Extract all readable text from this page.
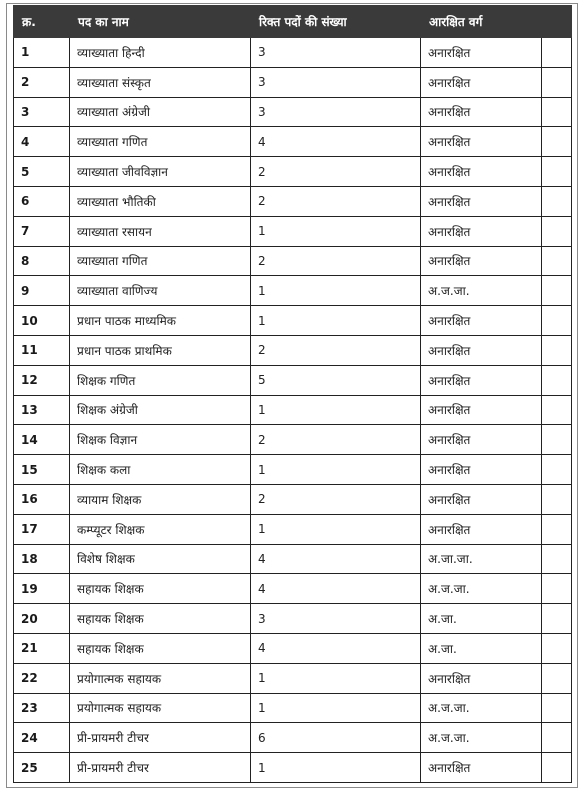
क्र.	पद का नाम	रिक्त पदों की संख्या	आरक्षित वर्ग	
1	व्याख्याता हिन्दी	3	अनारक्षित	
2	व्याख्याता संस्कृत	3	अनारक्षित	
3	व्याख्याता अंग्रेजी	3	अनारक्षित	
4	व्याख्याता गणित	4	अनारक्षित	
5	व्याख्याता जीवविज्ञान	2	अनारक्षित	
6	व्याख्याता भौतिकी	2	अनारक्षित	
7	व्याख्याता रसायन	1	अनारक्षित	
8	व्याख्याता गणित	2	अनारक्षित	
9	व्याख्याता वाणिज्य	1	अ.ज.जा.	
10	प्रधान पाठक माध्यमिक	1	अनारक्षित	
11	प्रधान पाठक प्राथमिक	2	अनारक्षित	
12	शिक्षक गणित	5	अनारक्षित	
13	शिक्षक अंग्रेजी	1	अनारक्षित	
14	शिक्षक विज्ञान	2	अनारक्षित	
15	शिक्षक कला	1	अनारक्षित	
16	व्यायाम शिक्षक	2	अनारक्षित	
17	कम्प्यूटर शिक्षक	1	अनारक्षित	
18	विशेष शिक्षक	4	अ.जा.जा.	
19	सहायक शिक्षक	4	अ.ज.जा.	
20	सहायक शिक्षक	3	अ.जा.	
21	सहायक शिक्षक	4	अ.जा.	
22	प्रयोगात्मक सहायक	1	अनारक्षित	
23	प्रयोगात्मक सहायक	1	अ.ज.जा.	
24	प्री-प्रायमरी टीचर	6	अ.ज.जा.	
25	प्री-प्रायमरी टीचर	1	अनारक्षित	
